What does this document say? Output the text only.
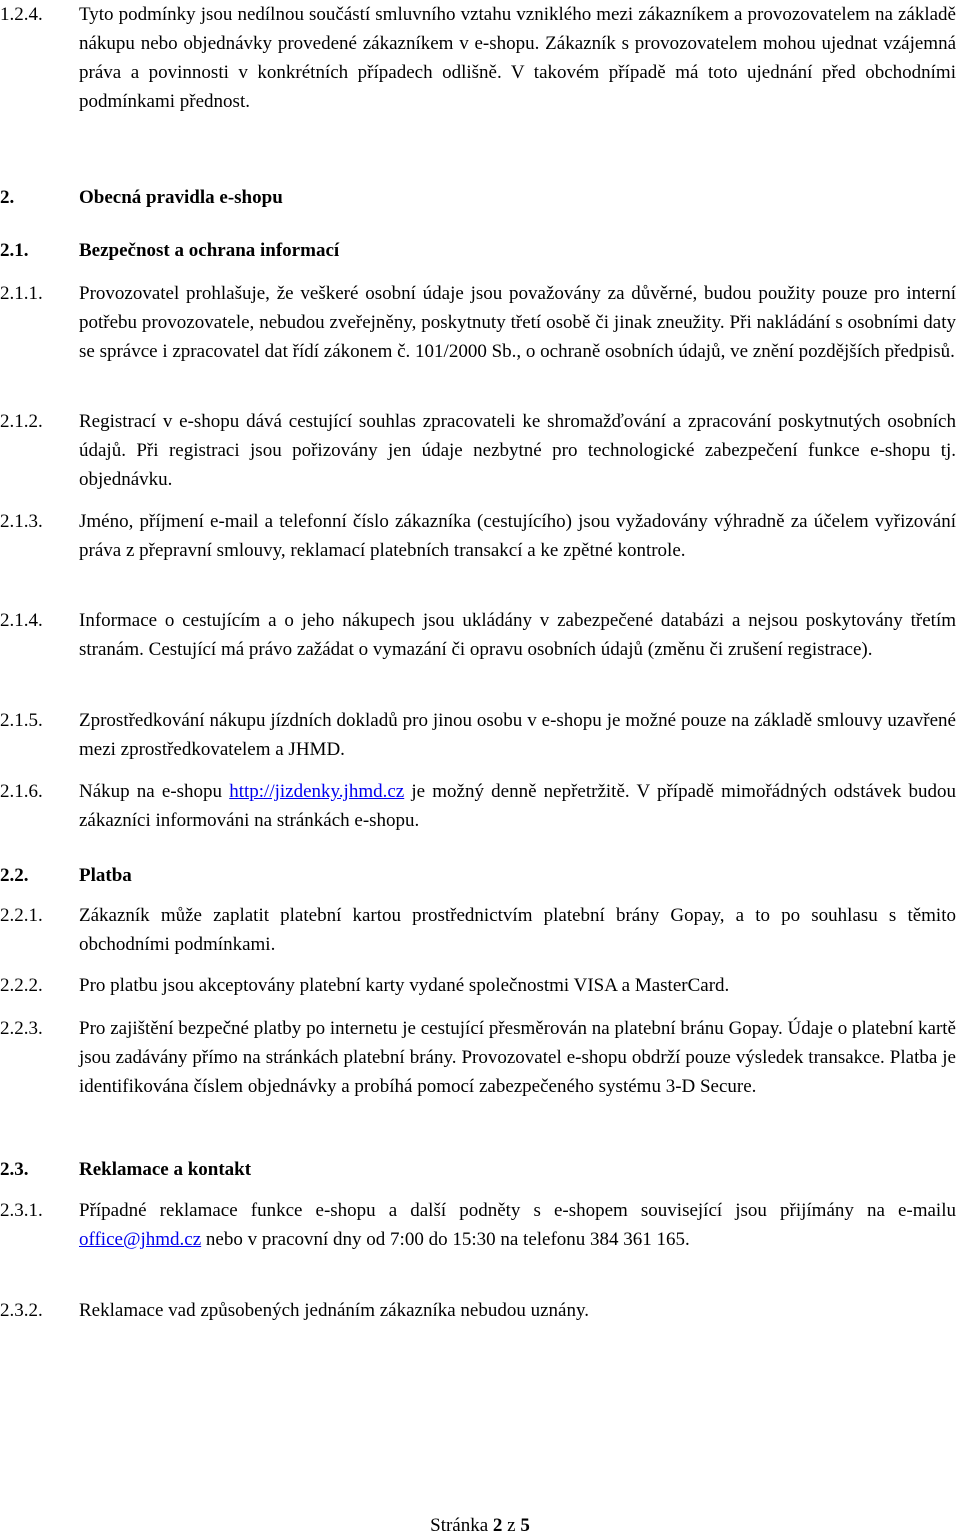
1.2.4.	Tyto podmínky jsou nedílnou součástí smluvního vztahu vzniklého mezi zákazníkem a provozovatelem na základě nákupu nebo objednávky provedené zákazníkem v e-shopu. Zákazník s provozovatelem mohou ujednat vzájemná práva a povinnosti v konkrétních případech odlišně. V takovém případě má toto ujednání před obchodními podmínkami přednost.
2.	Obecná pravidla e-shopu
2.1.	Bezpečnost a ochrana informací
2.1.1.	Provozovatel prohlašuje, že veškeré osobní údaje jsou považovány za důvěrné, budou použity pouze pro interní potřebu provozovatele, nebudou zveřejněny, poskytnuty třetí osobě či jinak zneužity. Při nakládání s osobními daty se správce i zpracovatel dat řídí zákonem č. 101/2000 Sb., o ochraně osobních údajů, ve znění pozdějších předpisů.
2.1.2.	Registrací v e-shopu dává cestující souhlas zpracovateli ke shromažďování a zpracování poskytnutých osobních údajů. Při registraci jsou pořizovány jen údaje nezbytné pro technologické zabezpečení funkce e-shopu tj. objednávku.
2.1.3.	Jméno, příjmení e-mail a telefonní číslo zákazníka (cestujícího) jsou vyžadovány výhradně za účelem vyřizování práva z přepravní smlouvy, reklamací platebních transakcí a ke zpětné kontrole.
2.1.4.	Informace o cestujícím a o jeho nákupech jsou ukládány v zabezpečené databázi a nejsou poskytovány třetím stranám. Cestující má právo zažádat o vymazání či opravu osobních údajů (změnu či zrušení registrace).
2.1.5.	Zprostředkování nákupu jízdních dokladů pro jinou osobu v e-shopu je možné pouze na základě smlouvy uzavřené mezi zprostředkovatelem a JHMD.
2.1.6.	Nákup na e-shopu http://jizdenky.jhmd.cz je možný denně nepřetržitě. V případě mimořádných odstávek budou zákazníci informováni na stránkách e-shopu.
2.2.	Platba
2.2.1.	Zákazník může zaplatit platební kartou prostřednictvím platební brány Gopay, a to po souhlasu s těmito obchodními podmínkami.
2.2.2.	Pro platbu jsou akceptovány platební karty vydané společnostmi VISA a MasterCard.
2.2.3.	Pro zajištění bezpečné platby po internetu je cestující přesměrován na platební bránu Gopay. Údaje o platební kartě jsou zadávány přímo na stránkách platební brány. Provozovatel e-shopu obdrží pouze výsledek transakce. Platba je identifikována číslem objednávky a probíhá pomocí zabezpečeného systému 3-D Secure.
2.3.	Reklamace a kontakt
2.3.1.	Případné reklamace funkce e-shopu a další podněty s e-shopem související jsou přijímány na e-mailu office@jhmd.cz nebo v pracovní dny od 7:00 do 15:30 na telefonu 384 361 165.
2.3.2.	Reklamace vad způsobených jednáním zákazníka nebudou uznány.
Stránka 2 z 5
